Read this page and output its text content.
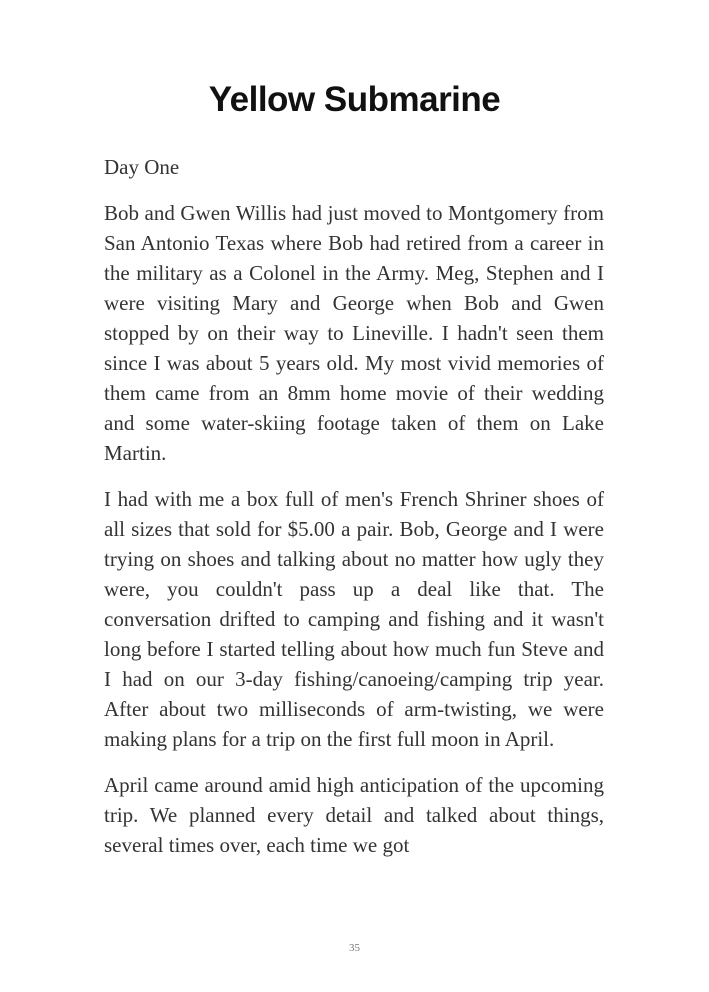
Yellow Submarine
Day One

Bob and Gwen Willis had just moved to Montgomery from San Antonio Texas where Bob had retired from a career in the military as a Colonel in the Army. Meg, Stephen and I were visiting Mary and George when Bob and Gwen stopped by on their way to Lineville. I hadn't seen them since I was about 5 years old. My most vivid memories of them came from an 8mm home movie of their wedding and some water-skiing footage taken of them on Lake Martin.

I had with me a box full of men's French Shriner shoes of all sizes that sold for $5.00 a pair. Bob, George and I were trying on shoes and talking about no matter how ugly they were, you couldn't pass up a deal like that. The conversation drifted to camping and fishing and it wasn't long before I started telling about how much fun Steve and I had on our 3-day fishing/canoeing/camping trip year. After about two milliseconds of arm-twisting, we were making plans for a trip on the first full moon in April.

April came around amid high anticipation of the upcoming trip. We planned every detail and talked about things, several times over, each time we got

35
